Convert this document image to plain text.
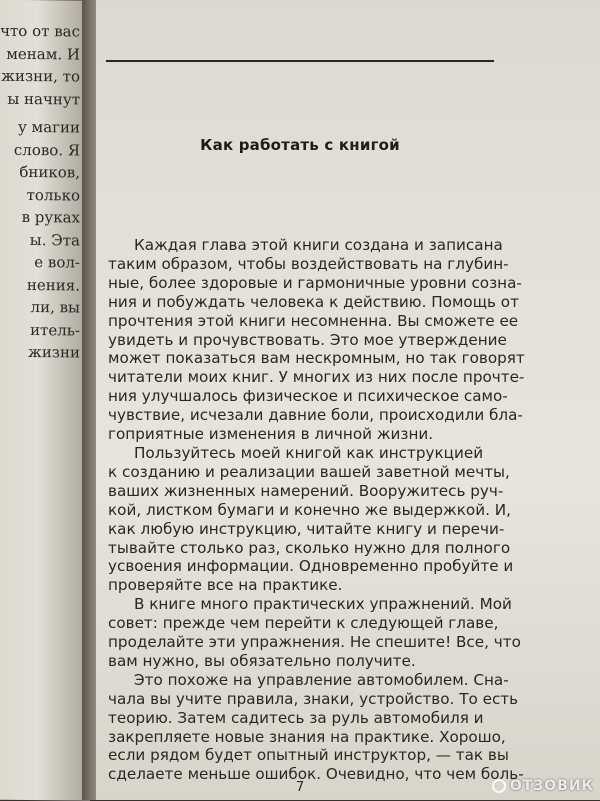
что от вас
менам. И
жизни, то
ы начнут
у магии
слово. Я
бников,
только
в руках
ы. Эта
е вол-
нения.
ли, вы
итель-
жизни
Как работать с книгой

Каждая глава этой книги создана и записана
таким образом, чтобы воздействовать на глубин-
ные, более здоровые и гармоничные уровни созна-
ния и побуждать человека к действию. Помощь от
прочтения этой книги несомненна. Вы сможете ее
увидеть и прочувствовать. Это мое утверждение
может показаться вам нескромным, но так говорят
читатели моих книг. У многих из них после прочте-
ния улучшалось физическое и психическое само-
чувствие, исчезали давние боли, происходили бла-
гоприятные изменения в личной жизни.

Пользуйтесь моей книгой как инструкцией
к созданию и реализации вашей заветной мечты,
ваших жизненных намерений. Вооружитесь руч-
кой, листком бумаги и конечно же выдержкой. И,
как любую инструкцию, читайте книгу и перечи-
тывайте столько раз, сколько нужно для полного
усвоения информации. Одновременно пробуйте и
проверяйте все на практике.

В книге много практических упражнений. Мой
совет: прежде чем перейти к следующей главе,
проделайте эти упражнения. Не спешите! Все, что
вам нужно, вы обязательно получите.

Это похоже на управление автомобилем. Сна-
чала вы учите правила, знаки, устройство. То есть
теорию. Затем садитесь за руль автомобиля и
закрепляете новые знания на практике. Хорошо,
если рядом будет опытный инструктор, — так вы
сделаете меньше ошибок. Очевидно, что чем боль-

7	ОТЗОВИК
